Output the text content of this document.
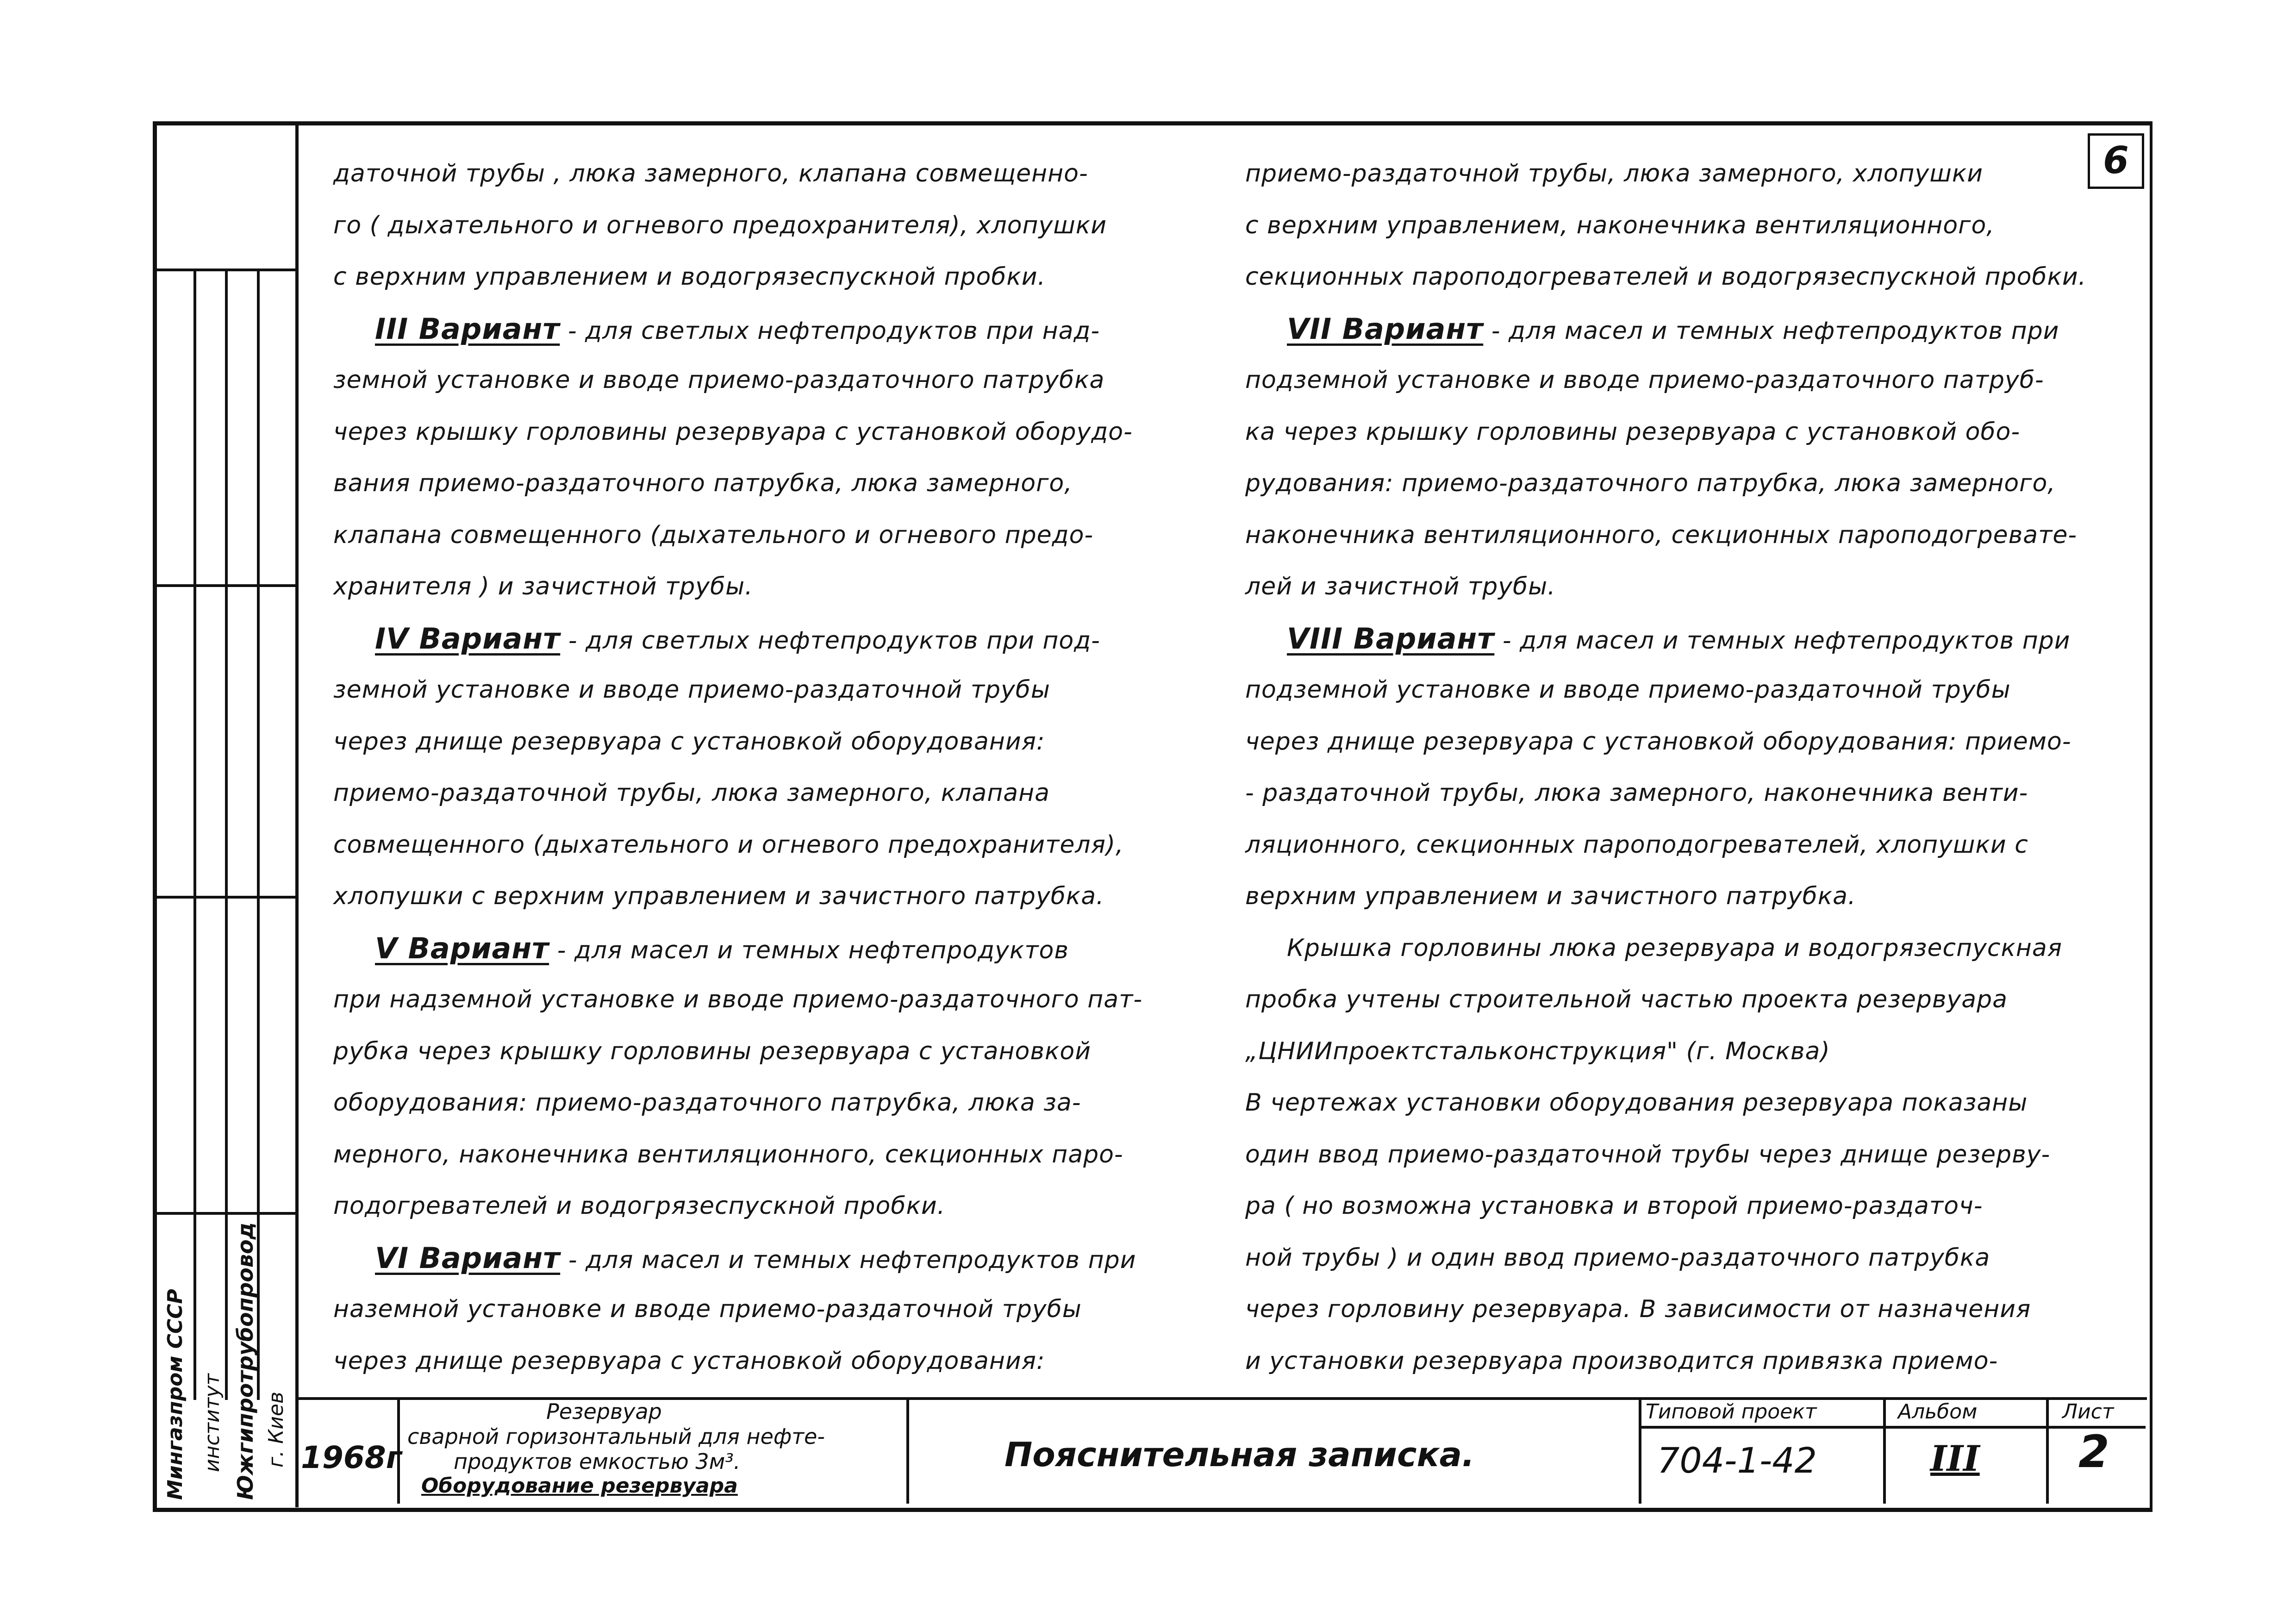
6
даточной трубы , люка замерного, клапана совмещенно-
го ( дыхательного и огневого предохранителя), хлопушки
с верхним управлением и водогрязеспускной пробки.
III Вариант - для светлых нефтепродуктов при над-
земной установке и вводе приемо-раздаточного патрубка
через крышку горловины резервуара с установкой оборудо-
вания приемо-раздаточного патрубка, люка замерного,
клапана совмещенного (дыхательного и огневого предо-
хранителя ) и зачистной трубы.
IV Вариант - для светлых нефтепродуктов при под-
земной установке и вводе приемо-раздаточной трубы
через днище резервуара с установкой оборудования:
приемо-раздаточной трубы, люка замерного, клапана
совмещенного (дыхательного и огневого предохранителя),
хлопушки с верхним управлением и зачистного патрубка.
V Вариант - для масел и темных нефтепродуктов
при надземной установке и вводе приемо-раздаточного пат-
рубка через крышку горловины резервуара с установкой
оборудования: приемо-раздаточного патрубка, люка за-
мерного, наконечника вентиляционного, секционных паро-
подогревателей и водогрязеспускной пробки.
VI Вариант - для масел и темных нефтепродуктов при
наземной установке и вводе приемо-раздаточной трубы
через днище резервуара с установкой оборудования:
приемо-раздаточной трубы, люка замерного, хлопушки
с верхним управлением, наконечника вентиляционного,
секционных пароподогревателей и водогрязеспускной пробки.
VII Вариант - для масел и темных нефтепродуктов при
подземной установке и вводе приемо-раздаточного патруб-
ка через крышку горловины резервуара с установкой обо-
рудования: приемо-раздаточного патрубка, люка замерного,
наконечника вентиляционного, секционных пароподогревате-
лей и зачистной трубы.
VIII Вариант - для масел и темных нефтепродуктов при
подземной установке и вводе приемо-раздаточной трубы
через днище резервуара с установкой оборудования: приемо-
- раздаточной трубы, люка замерного, наконечника венти-
ляционного, секционных пароподогревателей, хлопушки с
верхним управлением и зачистного патрубка.
Крышка горловины люка резервуара и водогрязеспускная
пробка учтены строительной частью проекта резервуара
„ЦНИИпроектстальконструкция" (г. Москва)
В чертежах установки оборудования резервуара показаны
один ввод приемо-раздаточной трубы через днище резерву-
ра ( но возможна установка и второй приемо-раздаточ-
ной трубы ) и один ввод приемо-раздаточного патрубка
через горловину резервуара. В зависимости от назначения
и установки резервуара производится привязка приемо-
Мингазпром СССР институт Южгипротрубопровод г. Киев 1968г
Резервуар
сварной горизонтальный для нефте-
продуктов емкостью 3м³.
Оборудование резервуара
Пояснительная записка.
Типовой проект
704-1-42
Альбом
III
Лист
2
